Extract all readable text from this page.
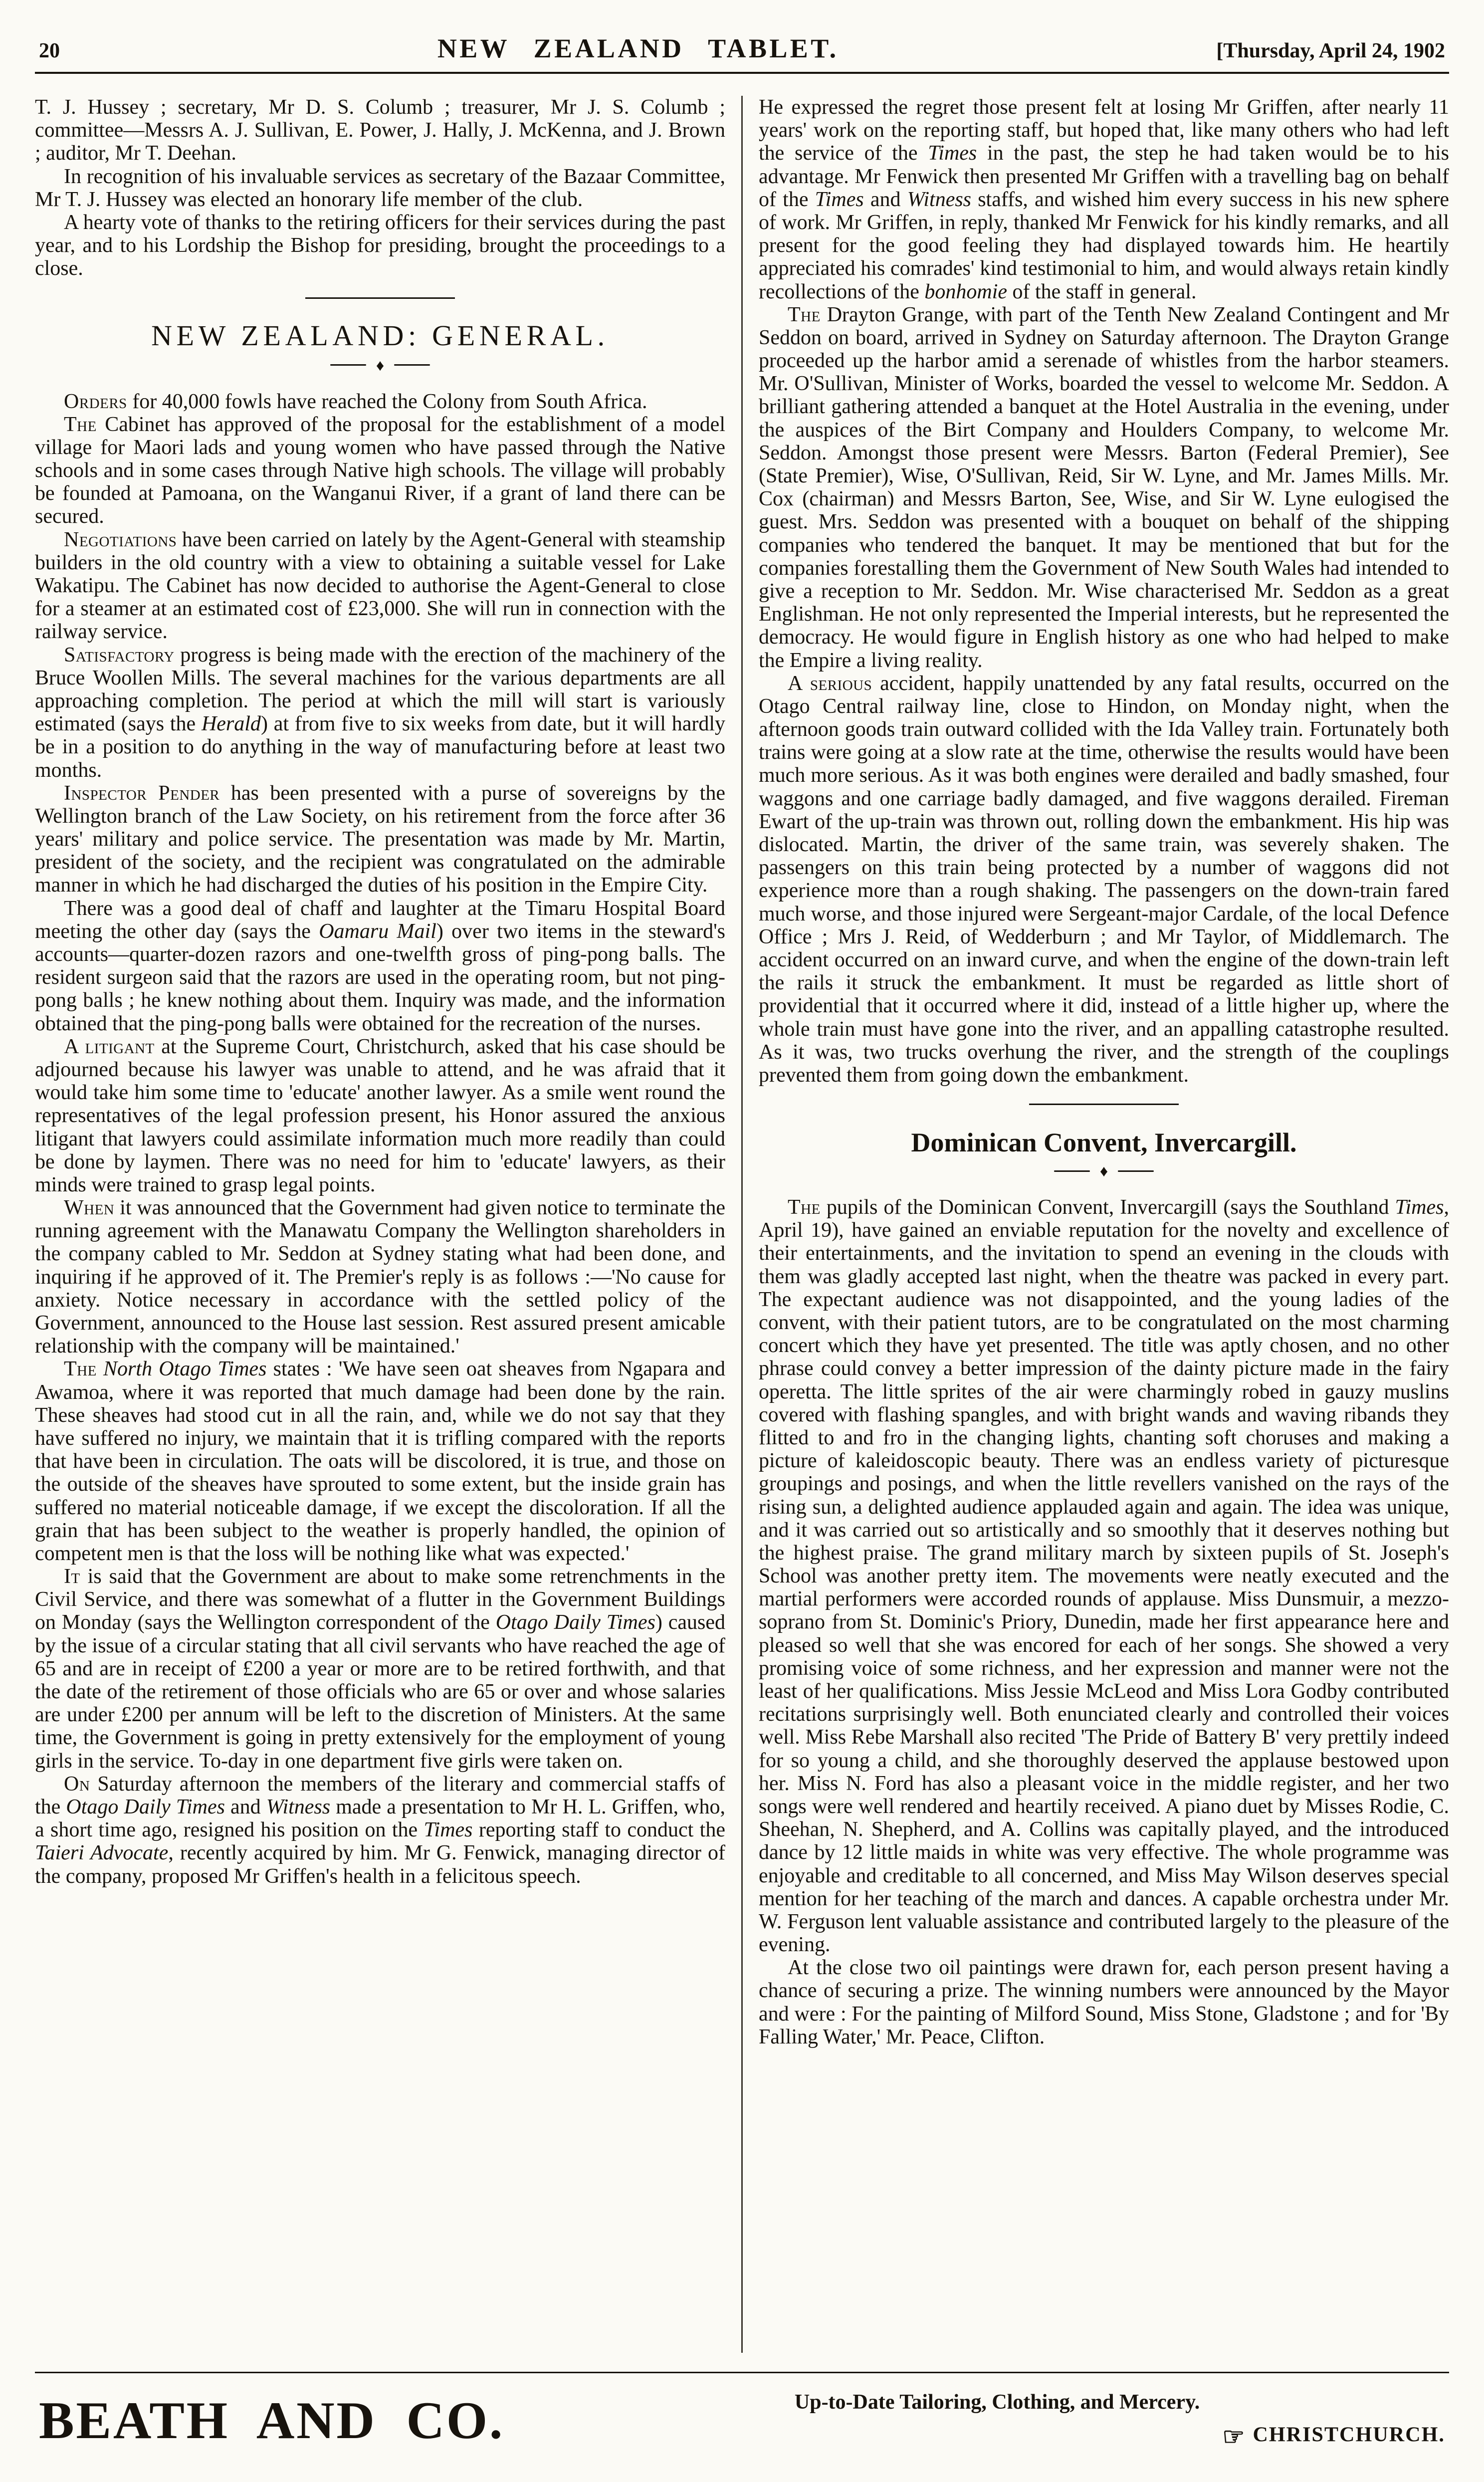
20	NEW ZEALAND TABLET.	[Thursday, April 24, 1902

T. J. Hussey ; secretary, Mr D. S. Columb ; treasurer, Mr J. S. Columb ; committee—Messrs A. J. Sullivan, E. Power, J. Hally, J. McKenna, and J. Brown ; auditor, Mr T. Deehan.

In recognition of his invaluable services as secretary of the Bazaar Committee, Mr T. J. Hussey was elected an honorary life member of the club.

A hearty vote of thanks to the retiring officers for their services during the past year, and to his Lordship the Bishop for presiding, brought the proceedings to a close.

NEW ZEALAND: GENERAL.
♦

Orders for 40,000 fowls have reached the Colony from South Africa.

The Cabinet has approved of the proposal for the establishment of a model village for Maori lads and young women who have passed through the Native schools and in some cases through Native high schools. The village will probably be founded at Pamoana, on the Wanganui River, if a grant of land there can be secured.

Negotiations have been carried on lately by the Agent-General with steamship builders in the old country with a view to obtaining a suitable vessel for Lake Wakatipu. The Cabinet has now decided to authorise the Agent-General to close for a steamer at an estimated cost of £23,000. She will run in connection with the railway service.

Satisfactory progress is being made with the erection of the machinery of the Bruce Woollen Mills. The several machines for the various departments are all approaching completion. The period at which the mill will start is variously estimated (says the Herald) at from five to six weeks from date, but it will hardly be in a position to do anything in the way of manufacturing before at least two months.

Inspector Pender has been presented with a purse of sovereigns by the Wellington branch of the Law Society, on his retirement from the force after 36 years' military and police service. The presentation was made by Mr. Martin, president of the society, and the recipient was congratulated on the admirable manner in which he had discharged the duties of his position in the Empire City.

There was a good deal of chaff and laughter at the Timaru Hospital Board meeting the other day (says the Oamaru Mail) over two items in the steward's accounts—quarter-dozen razors and one-twelfth gross of ping-pong balls. The resident surgeon said that the razors are used in the operating room, but not ping-pong balls ; he knew nothing about them. Inquiry was made, and the information obtained that the ping-pong balls were obtained for the recreation of the nurses.

A litigant at the Supreme Court, Christchurch, asked that his case should be adjourned because his lawyer was unable to attend, and he was afraid that it would take him some time to 'educate' another lawyer. As a smile went round the representatives of the legal profession present, his Honor assured the anxious litigant that lawyers could assimilate information much more readily than could be done by laymen. There was no need for him to 'educate' lawyers, as their minds were trained to grasp legal points.

When it was announced that the Government had given notice to terminate the running agreement with the Manawatu Company the Wellington shareholders in the company cabled to Mr. Seddon at Sydney stating what had been done, and inquiring if he approved of it. The Premier's reply is as follows :—'No cause for anxiety. Notice necessary in accordance with the settled policy of the Government, announced to the House last session. Rest assured present amicable relationship with the company will be maintained.'

The North Otago Times states : 'We have seen oat sheaves from Ngapara and Awamoa, where it was reported that much damage had been done by the rain. These sheaves had stood cut in all the rain, and, while we do not say that they have suffered no injury, we maintain that it is trifling compared with the reports that have been in circulation. The oats will be discolored, it is true, and those on the outside of the sheaves have sprouted to some extent, but the inside grain has suffered no material noticeable damage, if we except the discoloration. If all the grain that has been subject to the weather is properly handled, the opinion of competent men is that the loss will be nothing like what was expected.'

It is said that the Government are about to make some retrenchments in the Civil Service, and there was somewhat of a flutter in the Government Buildings on Monday (says the Wellington correspondent of the Otago Daily Times) caused by the issue of a circular stating that all civil servants who have reached the age of 65 and are in receipt of £200 a year or more are to be retired forthwith, and that the date of the retirement of those officials who are 65 or over and whose salaries are under £200 per annum will be left to the discretion of Ministers. At the same time, the Government is going in pretty extensively for the employment of young girls in the service. To-day in one department five girls were taken on.

On Saturday afternoon the members of the literary and commercial staffs of the Otago Daily Times and Witness made a presentation to Mr H. L. Griffen, who, a short time ago, resigned his position on the Times reporting staff to conduct the Taieri Advocate, recently acquired by him. Mr G. Fenwick, managing director of the company, proposed Mr Griffen's health in a felicitous speech.

He expressed the regret those present felt at losing Mr Griffen, after nearly 11 years' work on the reporting staff, but hoped that, like many others who had left the service of the Times in the past, the step he had taken would be to his advantage. Mr Fenwick then presented Mr Griffen with a travelling bag on behalf of the Times and Witness staffs, and wished him every success in his new sphere of work. Mr Griffen, in reply, thanked Mr Fenwick for his kindly remarks, and all present for the good feeling they had displayed towards him. He heartily appreciated his comrades' kind testimonial to him, and would always retain kindly recollections of the bonhomie of the staff in general.

The Drayton Grange, with part of the Tenth New Zealand Contingent and Mr Seddon on board, arrived in Sydney on Saturday afternoon. The Drayton Grange proceeded up the harbor amid a serenade of whistles from the harbor steamers. Mr. O'Sullivan, Minister of Works, boarded the vessel to welcome Mr. Seddon. A brilliant gathering attended a banquet at the Hotel Australia in the evening, under the auspices of the Birt Company and Houlders Company, to welcome Mr. Seddon. Amongst those present were Messrs. Barton (Federal Premier), See (State Premier), Wise, O'Sullivan, Reid, Sir W. Lyne, and Mr. James Mills. Mr. Cox (chairman) and Messrs Barton, See, Wise, and Sir W. Lyne eulogised the guest. Mrs. Seddon was presented with a bouquet on behalf of the shipping companies who tendered the banquet. It may be mentioned that but for the companies forestalling them the Government of New South Wales had intended to give a reception to Mr. Seddon. Mr. Wise characterised Mr. Seddon as a great Englishman. He not only represented the Imperial interests, but he represented the democracy. He would figure in English history as one who had helped to make the Empire a living reality.

A serious accident, happily unattended by any fatal results, occurred on the Otago Central railway line, close to Hindon, on Monday night, when the afternoon goods train outward collided with the Ida Valley train. Fortunately both trains were going at a slow rate at the time, otherwise the results would have been much more serious. As it was both engines were derailed and badly smashed, four waggons and one carriage badly damaged, and five waggons derailed. Fireman Ewart of the up-train was thrown out, rolling down the embankment. His hip was dislocated. Martin, the driver of the same train, was severely shaken. The passengers on this train being protected by a number of waggons did not experience more than a rough shaking. The passengers on the down-train fared much worse, and those injured were Sergeant-major Cardale, of the local Defence Office ; Mrs J. Reid, of Wedderburn ; and Mr Taylor, of Middlemarch. The accident occurred on an inward curve, and when the engine of the down-train left the rails it struck the embankment. It must be regarded as little short of providential that it occurred where it did, instead of a little higher up, where the whole train must have gone into the river, and an appalling catastrophe resulted. As it was, two trucks overhung the river, and the strength of the couplings prevented them from going down the embankment.

Dominican Convent, Invercargill.
♦

The pupils of the Dominican Convent, Invercargill (says the Southland Times, April 19), have gained an enviable reputation for the novelty and excellence of their entertainments, and the invitation to spend an evening in the clouds with them was gladly accepted last night, when the theatre was packed in every part. The expectant audience was not disappointed, and the young ladies of the convent, with their patient tutors, are to be congratulated on the most charming concert which they have yet presented. The title was aptly chosen, and no other phrase could convey a better impression of the dainty picture made in the fairy operetta. The little sprites of the air were charmingly robed in gauzy muslins covered with flashing spangles, and with bright wands and waving ribands they flitted to and fro in the changing lights, chanting soft choruses and making a picture of kaleidoscopic beauty. There was an endless variety of picturesque groupings and posings, and when the little revellers vanished on the rays of the rising sun, a delighted audience applauded again and again. The idea was unique, and it was carried out so artistically and so smoothly that it deserves nothing but the highest praise. The grand military march by sixteen pupils of St. Joseph's School was another pretty item. The movements were neatly executed and the martial performers were accorded rounds of applause. Miss Dunsmuir, a mezzo-soprano from St. Dominic's Priory, Dunedin, made her first appearance here and pleased so well that she was encored for each of her songs. She showed a very promising voice of some richness, and her expression and manner were not the least of her qualifications. Miss Jessie McLeod and Miss Lora Godby contributed recitations surprisingly well. Both enunciated clearly and controlled their voices well. Miss Rebe Marshall also recited 'The Pride of Battery B' very prettily indeed for so young a child, and she thoroughly deserved the applause bestowed upon her. Miss N. Ford has also a pleasant voice in the middle register, and her two songs were well rendered and heartily received. A piano duet by Misses Rodie, C. Sheehan, N. Shepherd, and A. Collins was capitally played, and the introduced dance by 12 little maids in white was very effective. The whole programme was enjoyable and creditable to all concerned, and Miss May Wilson deserves special mention for her teaching of the march and dances. A capable orchestra under Mr. W. Ferguson lent valuable assistance and contributed largely to the pleasure of the evening.

At the close two oil paintings were drawn for, each person present having a chance of securing a prize. The winning numbers were announced by the Mayor and were : For the painting of Milford Sound, Miss Stone, Gladstone ; and for 'By Falling Water,' Mr. Peace, Clifton.

BEATH AND CO.	Up-to-Date Tailoring, Clothing, and Mercery.
☞ CHRISTCHURCH.
